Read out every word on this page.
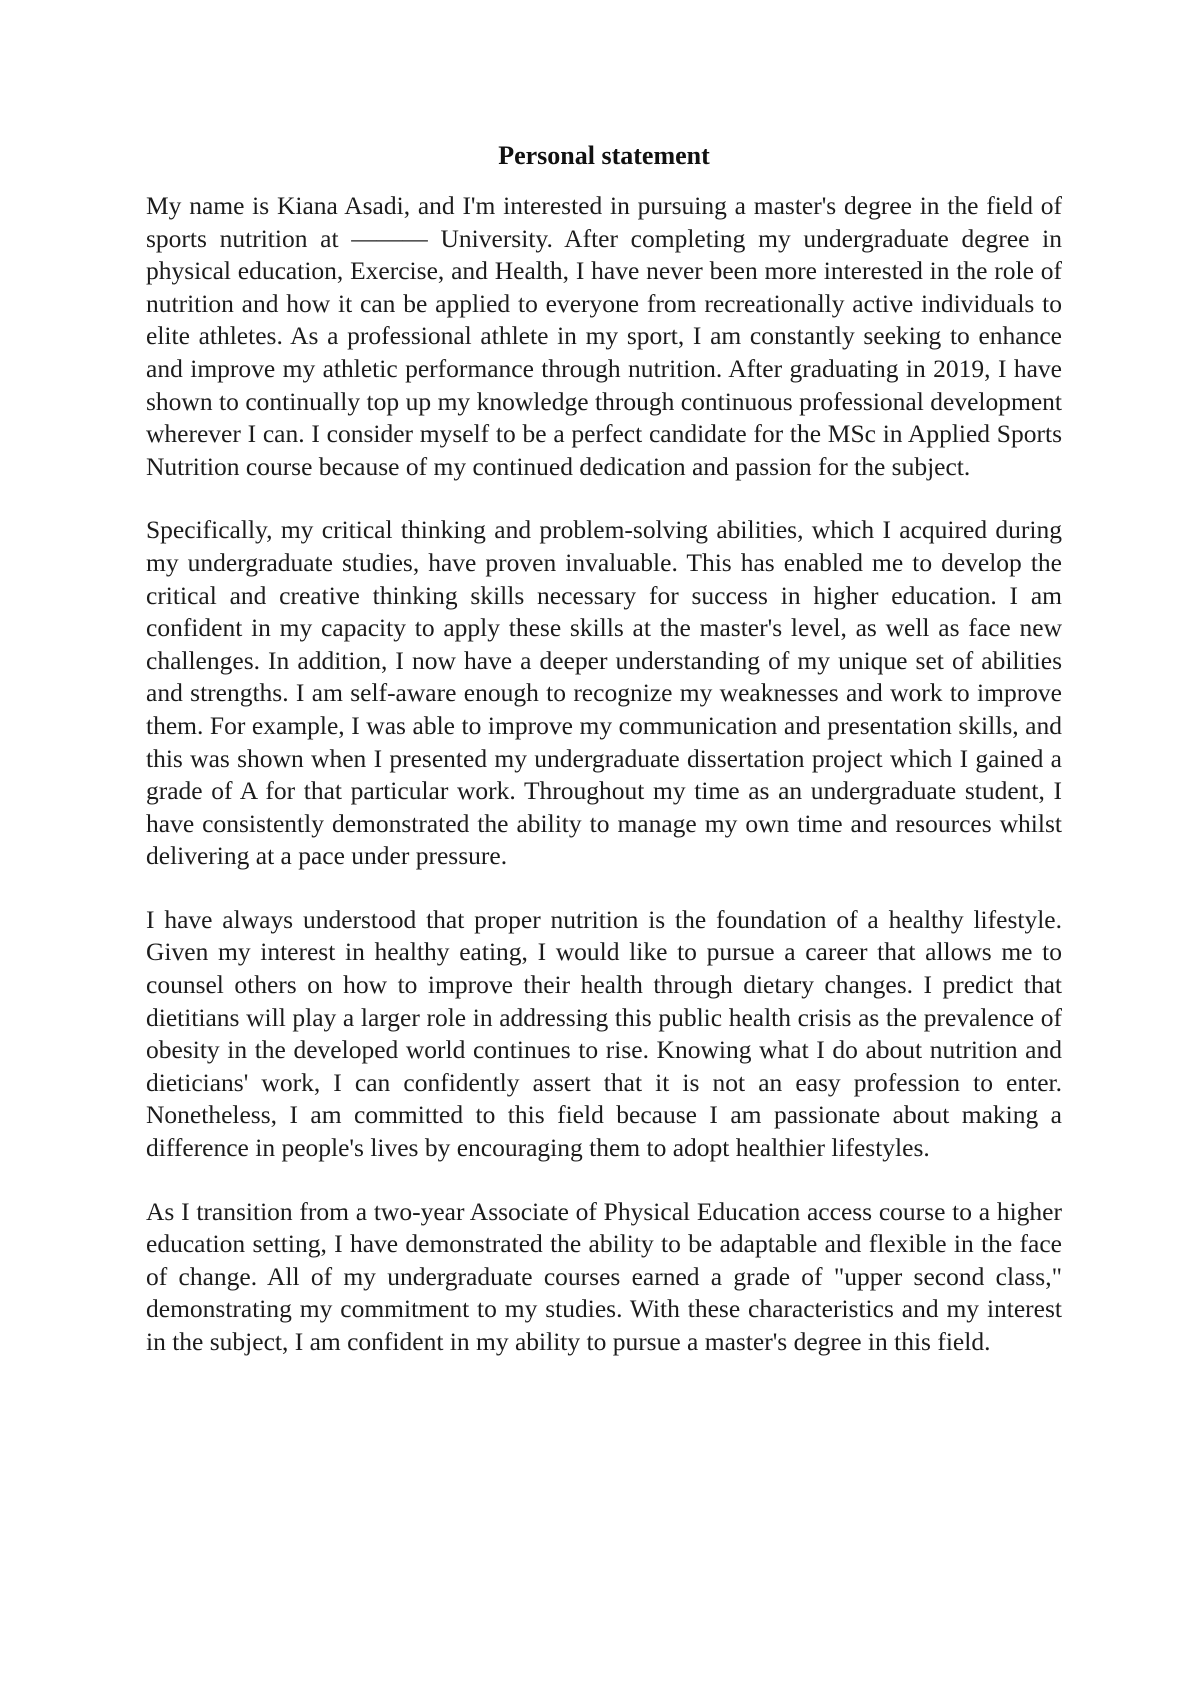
Personal statement

My name is Kiana Asadi, and I'm interested in pursuing a master's degree in the field of sports nutrition at ——— University. After completing my undergraduate degree in physical education, Exercise, and Health, I have never been more interested in the role of nutrition and how it can be applied to everyone from recreationally active individuals to elite athletes. As a professional athlete in my sport, I am constantly seeking to enhance and improve my athletic performance through nutrition. After graduating in 2019, I have shown to continually top up my knowledge through continuous professional development wherever I can. I consider myself to be a perfect candidate for the MSc in Applied Sports Nutrition course because of my continued dedication and passion for the subject.

Specifically, my critical thinking and problem-solving abilities, which I acquired during my undergraduate studies, have proven invaluable. This has enabled me to develop the critical and creative thinking skills necessary for success in higher education. I am confident in my capacity to apply these skills at the master's level, as well as face new challenges. In addition, I now have a deeper understanding of my unique set of abilities and strengths. I am self-aware enough to recognize my weaknesses and work to improve them. For example, I was able to improve my communication and presentation skills, and this was shown when I presented my undergraduate dissertation project which I gained a grade of A for that particular work. Throughout my time as an undergraduate student, I have consistently demonstrated the ability to manage my own time and resources whilst delivering at a pace under pressure.

I have always understood that proper nutrition is the foundation of a healthy lifestyle. Given my interest in healthy eating, I would like to pursue a career that allows me to counsel others on how to improve their health through dietary changes. I predict that dietitians will play a larger role in addressing this public health crisis as the prevalence of obesity in the developed world continues to rise. Knowing what I do about nutrition and dieticians' work, I can confidently assert that it is not an easy profession to enter. Nonetheless, I am committed to this field because I am passionate about making a difference in people's lives by encouraging them to adopt healthier lifestyles.

As I transition from a two-year Associate of Physical Education access course to a higher education setting, I have demonstrated the ability to be adaptable and flexible in the face of change. All of my undergraduate courses earned a grade of "upper second class," demonstrating my commitment to my studies. With these characteristics and my interest in the subject, I am confident in my ability to pursue a master's degree in this field.
